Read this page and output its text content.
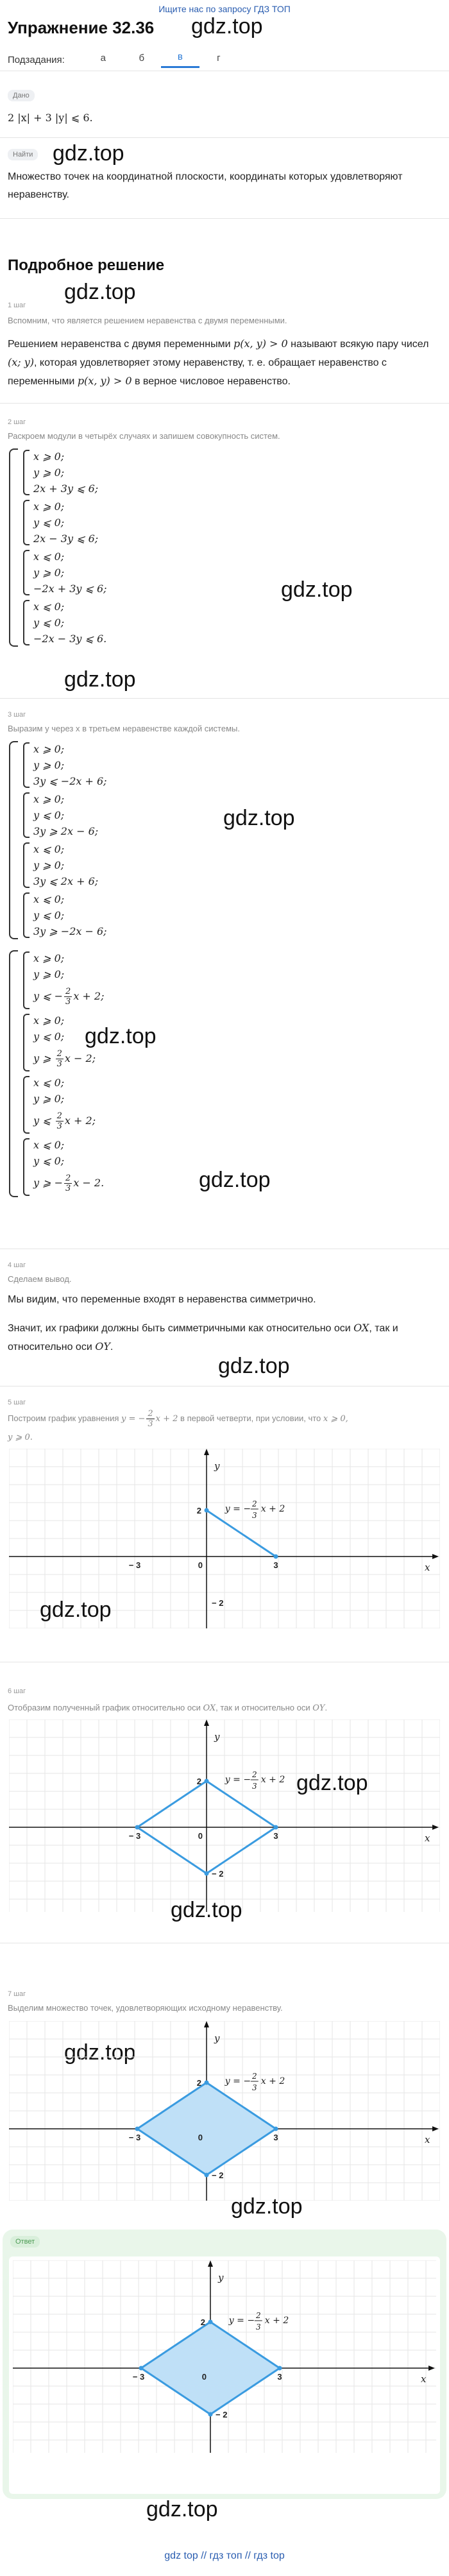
Ищите нас по запросу ГДЗ ТОП
Упражнение 32.36 gdz.top
Подзадания:	а	б	в	г
Дано
2 |x| + 3 |y| ⩽ 6.
Найти
Множество точек на координатной плоскости, координаты которых удовлетворяют неравенству.
gdz.top
Подробное решение
gdz.top
1 шаг
Вспомним, что является решением неравенства с двумя переменными.
Решением неравенства с двумя переменными p(x, y) > 0 называют всякую пару чисел (x; y), которая удовлетворяет этому неравенству, т. е. обращает неравенство с переменными p(x, y) > 0 в верное числовое неравенство.
2 шаг
Раскроем модули в четырёх случаях и запишем совокупность систем.
x ⩾ 0;
y ⩾ 0;
2x + 3y ⩽ 6;
x ⩾ 0;
y ⩽ 0;
2x − 3y ⩽ 6;
x ⩽ 0;
y ⩾ 0;
−2x + 3y ⩽ 6;
x ⩽ 0;
y ⩽ 0;
−2x − 3y ⩽ 6.
gdz.top
gdz.top
3 шаг
Выразим y через x в третьем неравенстве каждой системы.
x ⩾ 0;
y ⩾ 0;
3y ⩽ −2x + 6;
x ⩾ 0;
y ⩽ 0;
3y ⩾ 2x − 6;
x ⩽ 0;
y ⩾ 0;
3y ⩽ 2x + 6;
x ⩽ 0;
y ⩽ 0;
3y ⩾ −2x − 6;
gdz.top
x ⩾ 0;
y ⩾ 0;
y ⩽ − $\frac{2}{3}$ x + 2;
x ⩾ 0;
y ⩽ 0;
y ⩾ $\frac{2}{3}$ x − 2;
x ⩽ 0;
y ⩾ 0;
y ⩽ $\frac{2}{3}$ x + 2;
x ⩽ 0;
y ⩽ 0;
y ⩾ − $\frac{2}{3}$ x − 2.
gdz.top
gdz.top
4 шаг
Сделаем вывод.
Мы видим, что переменные входят в неравенства симметрично.
Значит, их графики должны быть симметричными как относительно оси OX, так и относительно оси OY.
gdz.top
5 шаг
Построим график уравнения y = − $\frac{2}{3}$ x + 2 в первой четверти, при условии, что x ⩾ 0,
y ⩾ 0.
x
y
− 3	3
2
− 2
0
y = − 2
3
x + 2
gdz.top
6 шаг
Отобразим полученный график относительно оси OX, так и относительно оси OY.
x
y
− 3	3
2
− 2
0
y = − 2
3
x + 2 gdz.top
gdz.top
7 шаг
Выделим множество точек, удовлетворяющих исходному неравенству.
gdz.top
x
y
− 3	3
2
− 2
0
y = − 2
3
x + 2
gdz.top
Ответ
x
y
− 3	3
2
− 2
0
y = − 2
3
x + 2
gdz.top
gdz top // гдз топ // гдз top
